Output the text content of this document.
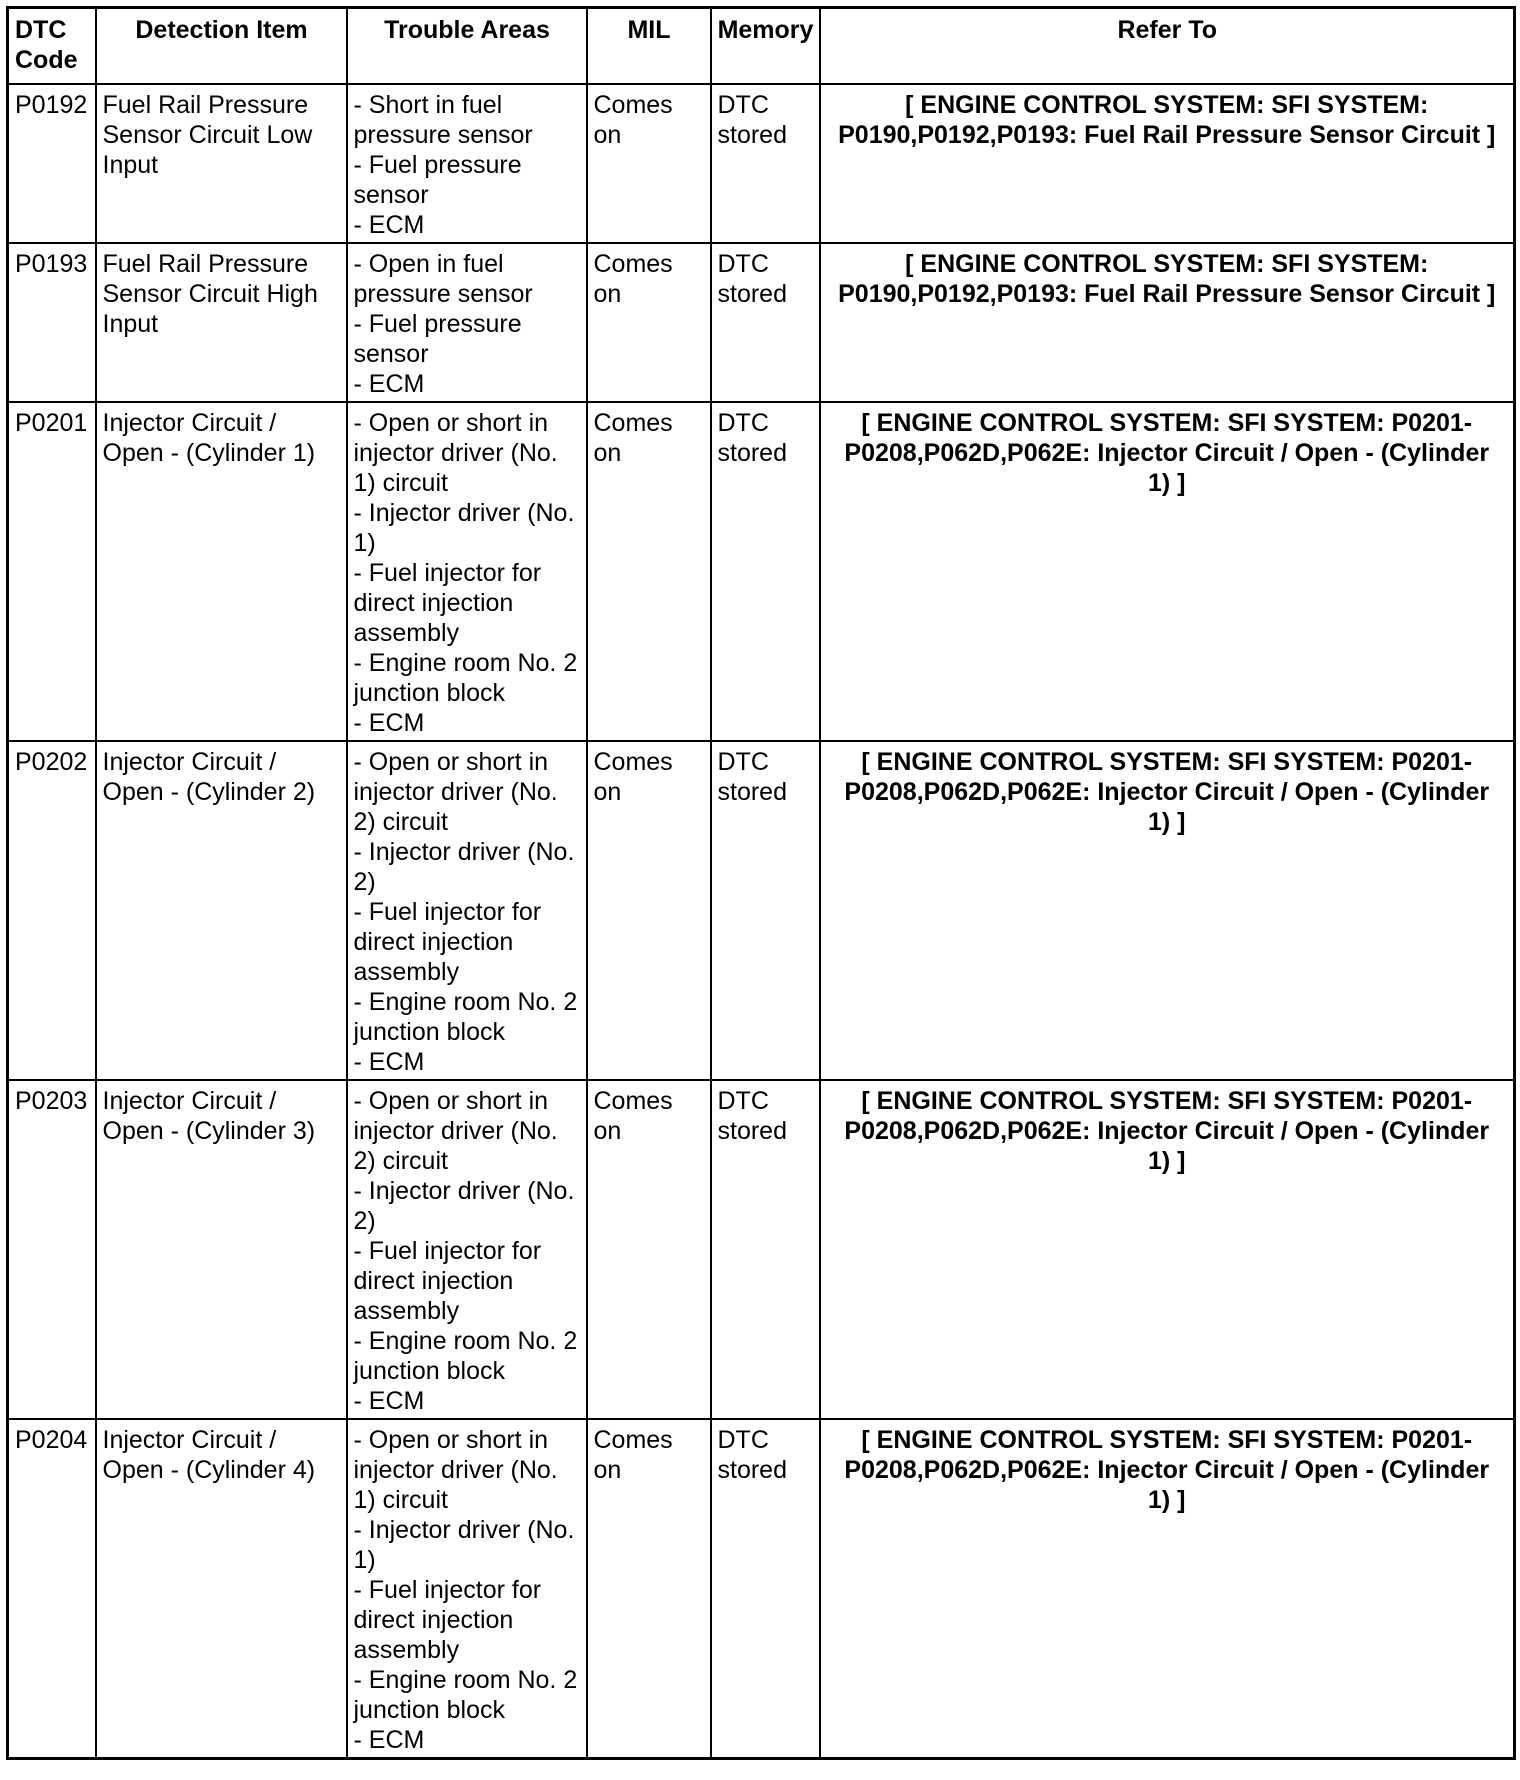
DTC Code	Detection Item	Trouble Areas	MIL	Memory	Refer To
P0192	Fuel Rail Pressure Sensor Circuit Low Input	- Short in fuel pressure sensor
- Fuel pressure sensor
- ECM	Comes on	DTC stored	[ ENGINE CONTROL SYSTEM: SFI SYSTEM: P0190,P0192,P0193: Fuel Rail Pressure Sensor Circuit ]
P0193	Fuel Rail Pressure Sensor Circuit High Input	- Open in fuel pressure sensor
- Fuel pressure sensor
- ECM	Comes on	DTC stored	[ ENGINE CONTROL SYSTEM: SFI SYSTEM: P0190,P0192,P0193: Fuel Rail Pressure Sensor Circuit ]
P0201	Injector Circuit / Open - (Cylinder 1)	- Open or short in injector driver (No. 1) circuit
- Injector driver (No. 1)
- Fuel injector for direct injection assembly
- Engine room No. 2 junction block
- ECM	Comes on	DTC stored	[ ENGINE CONTROL SYSTEM: SFI SYSTEM: P0201-P0208,P062D,P062E: Injector Circuit / Open - (Cylinder 1) ]
P0202	Injector Circuit / Open - (Cylinder 2)	- Open or short in injector driver (No. 2) circuit
- Injector driver (No. 2)
- Fuel injector for direct injection assembly
- Engine room No. 2 junction block
- ECM	Comes on	DTC stored	[ ENGINE CONTROL SYSTEM: SFI SYSTEM: P0201-P0208,P062D,P062E: Injector Circuit / Open - (Cylinder 1) ]
P0203	Injector Circuit / Open - (Cylinder 3)	- Open or short in injector driver (No. 2) circuit
- Injector driver (No. 2)
- Fuel injector for direct injection assembly
- Engine room No. 2 junction block
- ECM	Comes on	DTC stored	[ ENGINE CONTROL SYSTEM: SFI SYSTEM: P0201-P0208,P062D,P062E: Injector Circuit / Open - (Cylinder 1) ]
P0204	Injector Circuit / Open - (Cylinder 4)	- Open or short in injector driver (No. 1) circuit
- Injector driver (No. 1)
- Fuel injector for direct injection assembly
- Engine room No. 2 junction block
- ECM	Comes on	DTC stored	[ ENGINE CONTROL SYSTEM: SFI SYSTEM: P0201-P0208,P062D,P062E: Injector Circuit / Open - (Cylinder 1) ]
